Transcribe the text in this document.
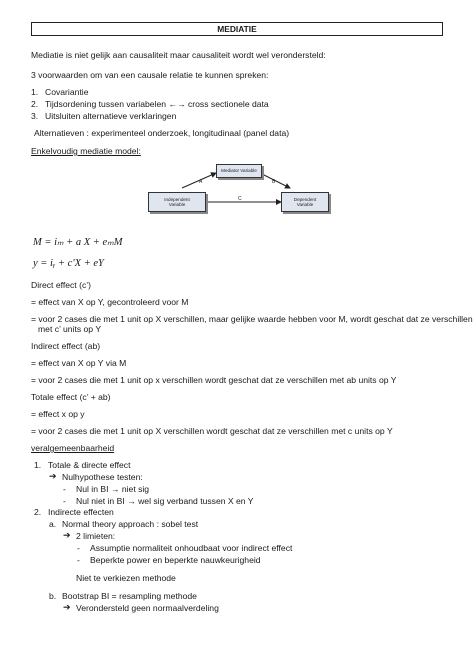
MEDIATIE
Mediatie is niet gelijk aan causaliteit maar causaliteit wordt wel verondersteld:
3 voorwaarden om van een causale relatie te kunnen spreken:
1. Covariantie
2. Tijdsordening tussen variabelen ←→ cross sectionele data
3. Uitsluiten alternatieve verklaringen
Alternatieven : experimenteel onderzoek, longitudinaal (panel data)
Enkelvoudig mediatie model:
Mediator Variable
Independent
Variable
Dependent
Variable
A	B
C
M = iₘ + a X + eₘM
y = iᵧ + cʹX + eY
Direct effect (c’)
= effect van X op Y, gecontroleerd voor M
= voor 2 cases die met 1 unit op X verschillen, maar gelijke waarde hebben voor M, wordt geschat dat ze verschillen
met c’ units op Y
Indirect effect (ab)
= effect van X op Y via M
= voor 2 cases die met 1 unit op x verschillen wordt geschat dat ze verschillen met ab units op Y
Totale effect (c’ + ab)
= effect x op y
= voor 2 cases die met 1 unit op X verschillen wordt geschat dat ze verschillen met c units op Y
veralgemeenbaarheid
1. Totale & directe effect
➔ Nulhypothese testen:
- Nul in BI → niet sig
- Nul niet in BI → wel sig verband tussen X en Y
2. Indirecte effecten
a. Normal theory approach : sobel test
➔ 2 limieten:
- Assumptie normaliteit onhoudbaat voor indirect effect
- Beperkte power en beperkte nauwkeurigheid
Niet te verkiezen methode
b. Bootstrap BI = resampling methode
➔ Verondersteld geen normaalverdeling
